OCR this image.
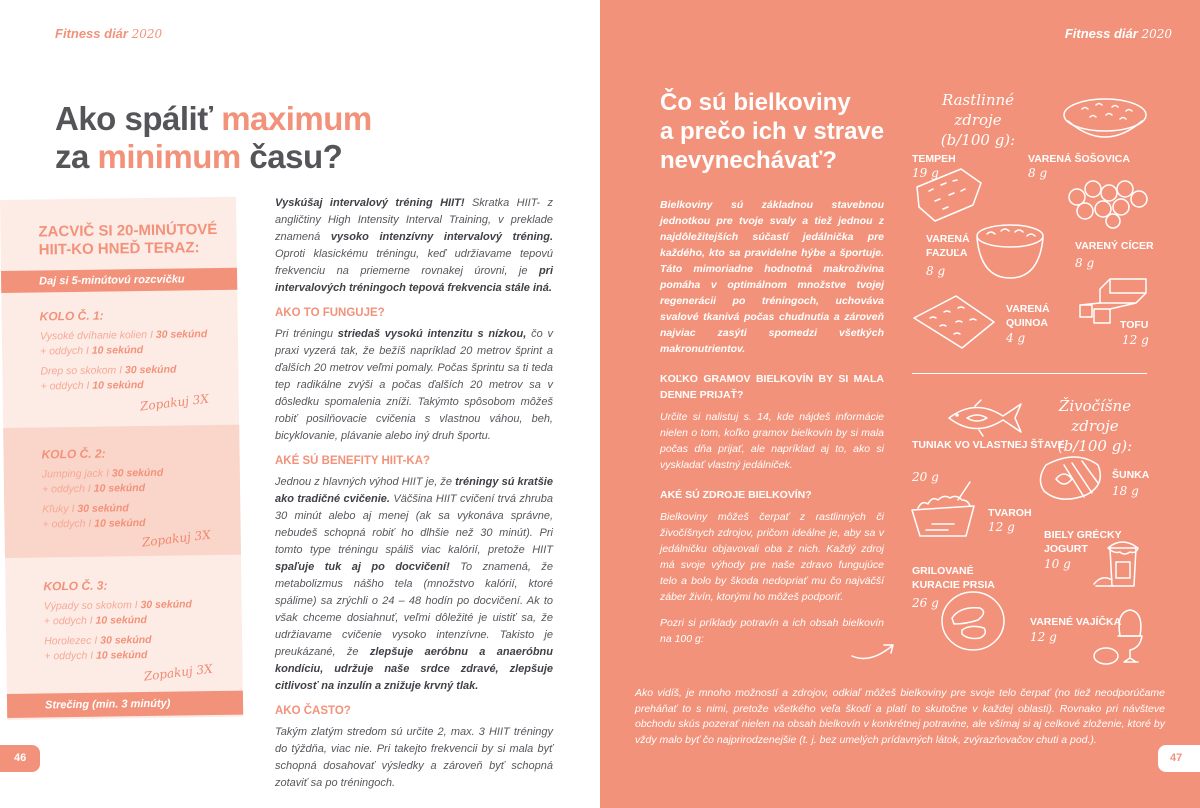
Fitness diár 2020
Ako spáliť maximum
za minimum času?
ZACVIČ SI 20-MINÚTOVÉ
HIIT-KO HNEĎ TERAZ:
Daj si 5-minútovú rozcvičku
KOLO Č. 1:

Vysoké dvíhanie kolien I 30 sekúnd
+ oddych I 10 sekúnd

Drep so skokom I 30 sekúnd
+ oddych I 10 sekúnd

Zopakuj 3X
KOLO Č. 2:

Jumping jack I 30 sekúnd
+ oddych I 10 sekúnd

Kľuky I 30 sekúnd
+ oddych I 10 sekúnd

Zopakuj 3X
KOLO Č. 3:

Výpady so skokom I 30 sekúnd
+ oddych I 10 sekúnd

Horolezec I 30 sekúnd
+ oddych I 10 sekúnd

Zopakuj 3X
Strečing (min. 3 minúty)

Vyskúšaj intervalový tréning HIIT! Skratka HIIT- z angličtiny High Intensity Interval Training, v preklade znamená vysoko intenzívny intervalový tréning. Oproti klasickému tréningu, keď udržiavame tepovú frekvenciu na priemerne rovnakej úrovni, je pri intervalových tréningoch tepová frekvencia stále iná.

AKO TO FUNGUJE?

Pri tréningu striedaš vysokú intenzitu s nízkou, čo v praxi vyzerá tak, že bežíš napríklad 20 metrov šprint a ďalších 20 metrov veľmi pomaly. Počas šprintu sa ti teda tep radikálne zvýši a počas ďalších 20 metrov sa v dôsledku spomalenia zníži. Takýmto spôsobom môžeš robiť posilňovacie cvičenia s vlastnou váhou, beh, bicyklovanie, plávanie alebo iný druh športu.

AKÉ SÚ BENEFITY HIIT-KA?

Jednou z hlavných výhod HIIT je, že tréningy sú kratšie ako tradičné cvičenie. Väčšina HIIT cvičení trvá zhruba 30 minút alebo aj menej (ak sa vykonáva správne, nebudeš schopná robiť ho dlhšie než 30 minút). Pri tomto type tréningu spáliš viac kalórií, pretože HIIT spaľuje tuk aj po docvičení! To znamená, že metabolizmus nášho tela (množstvo kalórií, ktoré spálime) sa zrýchli o 24 – 48 hodín po docvičení. Ak to však chceme dosiahnuť, veľmi dôležité je uistiť sa, že udržiavame cvičenie vysoko intenzívne. Takisto je preukázané, že zlepšuje aeróbnu a anaeróbnu kondíciu, udržuje naše srdce zdravé, zlepšuje citlivosť na inzulín a znižuje krvný tlak.

AKO ČASTO?

Takým zlatým stredom sú určite 2, max. 3 HIIT tréningy do týždňa, viac nie. Pri takejto frekvencii by si mala byť schopná dosahovať výsledky a zároveň byť schopná zotaviť sa po tréningoch.

46
Fitness diár 2020
Čo sú bielkoviny
a prečo ich v strave
nevynechávať?

Bielkoviny sú základnou stavebnou jednotkou pre tvoje svaly a tiež jednou z najdôležitejších súčastí jedálnička pre každého, kto sa pravidelne hýbe a športuje. Táto mimoriadne hodnotná makroživina pomáha v optimálnom množstve tvojej regenerácii po tréningoch, uchováva svalové tkanivá počas chudnutia a zároveň najviac zasýti spomedzi všetkých makronutrientov.

KOĽKO GRAMOV BIELKOVÍN BY SI MALA DENNE PRIJAŤ?

Určite si nalistuj s. 14, kde nájdeš informácie nielen o tom, koľko gramov bielkovín by si mala počas dňa prijať, ale napríklad aj to, ako si vyskladať vlastný jedálniček.

AKÉ SÚ ZDROJE BIELKOVÍN?

Bielkoviny môžeš čerpať z rastlinných či živočíšnych zdrojov, pričom ideálne je, aby sa v jedálničku objavovali oba z nich. Každý zdroj má svoje výhody pre naše zdravo fungujúce telo a bolo by škoda nedopriať mu čo najväčší záber živín, ktorými ho môžeš podporiť.

Pozri si príklady potravín a ich obsah bielkovín na 100 g:

Rastlinné zdroje
(b/100 g):
TEMPEH
19 g
VARENÁ ŠOŠOVICA
8 g
VARENÁ FAZUĽA
8 g
VARENÝ CÍCER
8 g
VARENÁ QUINOA
4 g
TOFU
12 g
Živočíšne zdroje
(b/100 g):
TUNIAK VO VLASTNEJ ŠŤAVE
20 g	ŠUNKA
18 g
TVAROH
12 g
BIELY GRÉCKY JOGURT
10 g
GRILOVANÉ KURACIE PRSIA
26 g
VARENÉ VAJÍČKA
12 g
Ako vidíš, je mnoho možností a zdrojov, odkiaľ môžeš bielkoviny pre svoje telo čerpať (no tiež neodporúčame preháňať to s nimi, pretože všetkého veľa škodí a platí to skutočne v každej oblasti). Rovnako pri návšteve obchodu skús pozerať nielen na obsah bielkovín v konkrétnej potravine, ale všímaj si aj celkové zloženie, ktoré by vždy malo byť čo najprirodzenejšie (t. j. bez umelých prídavných látok, zvýrazňovačov chuti a pod.).
47
